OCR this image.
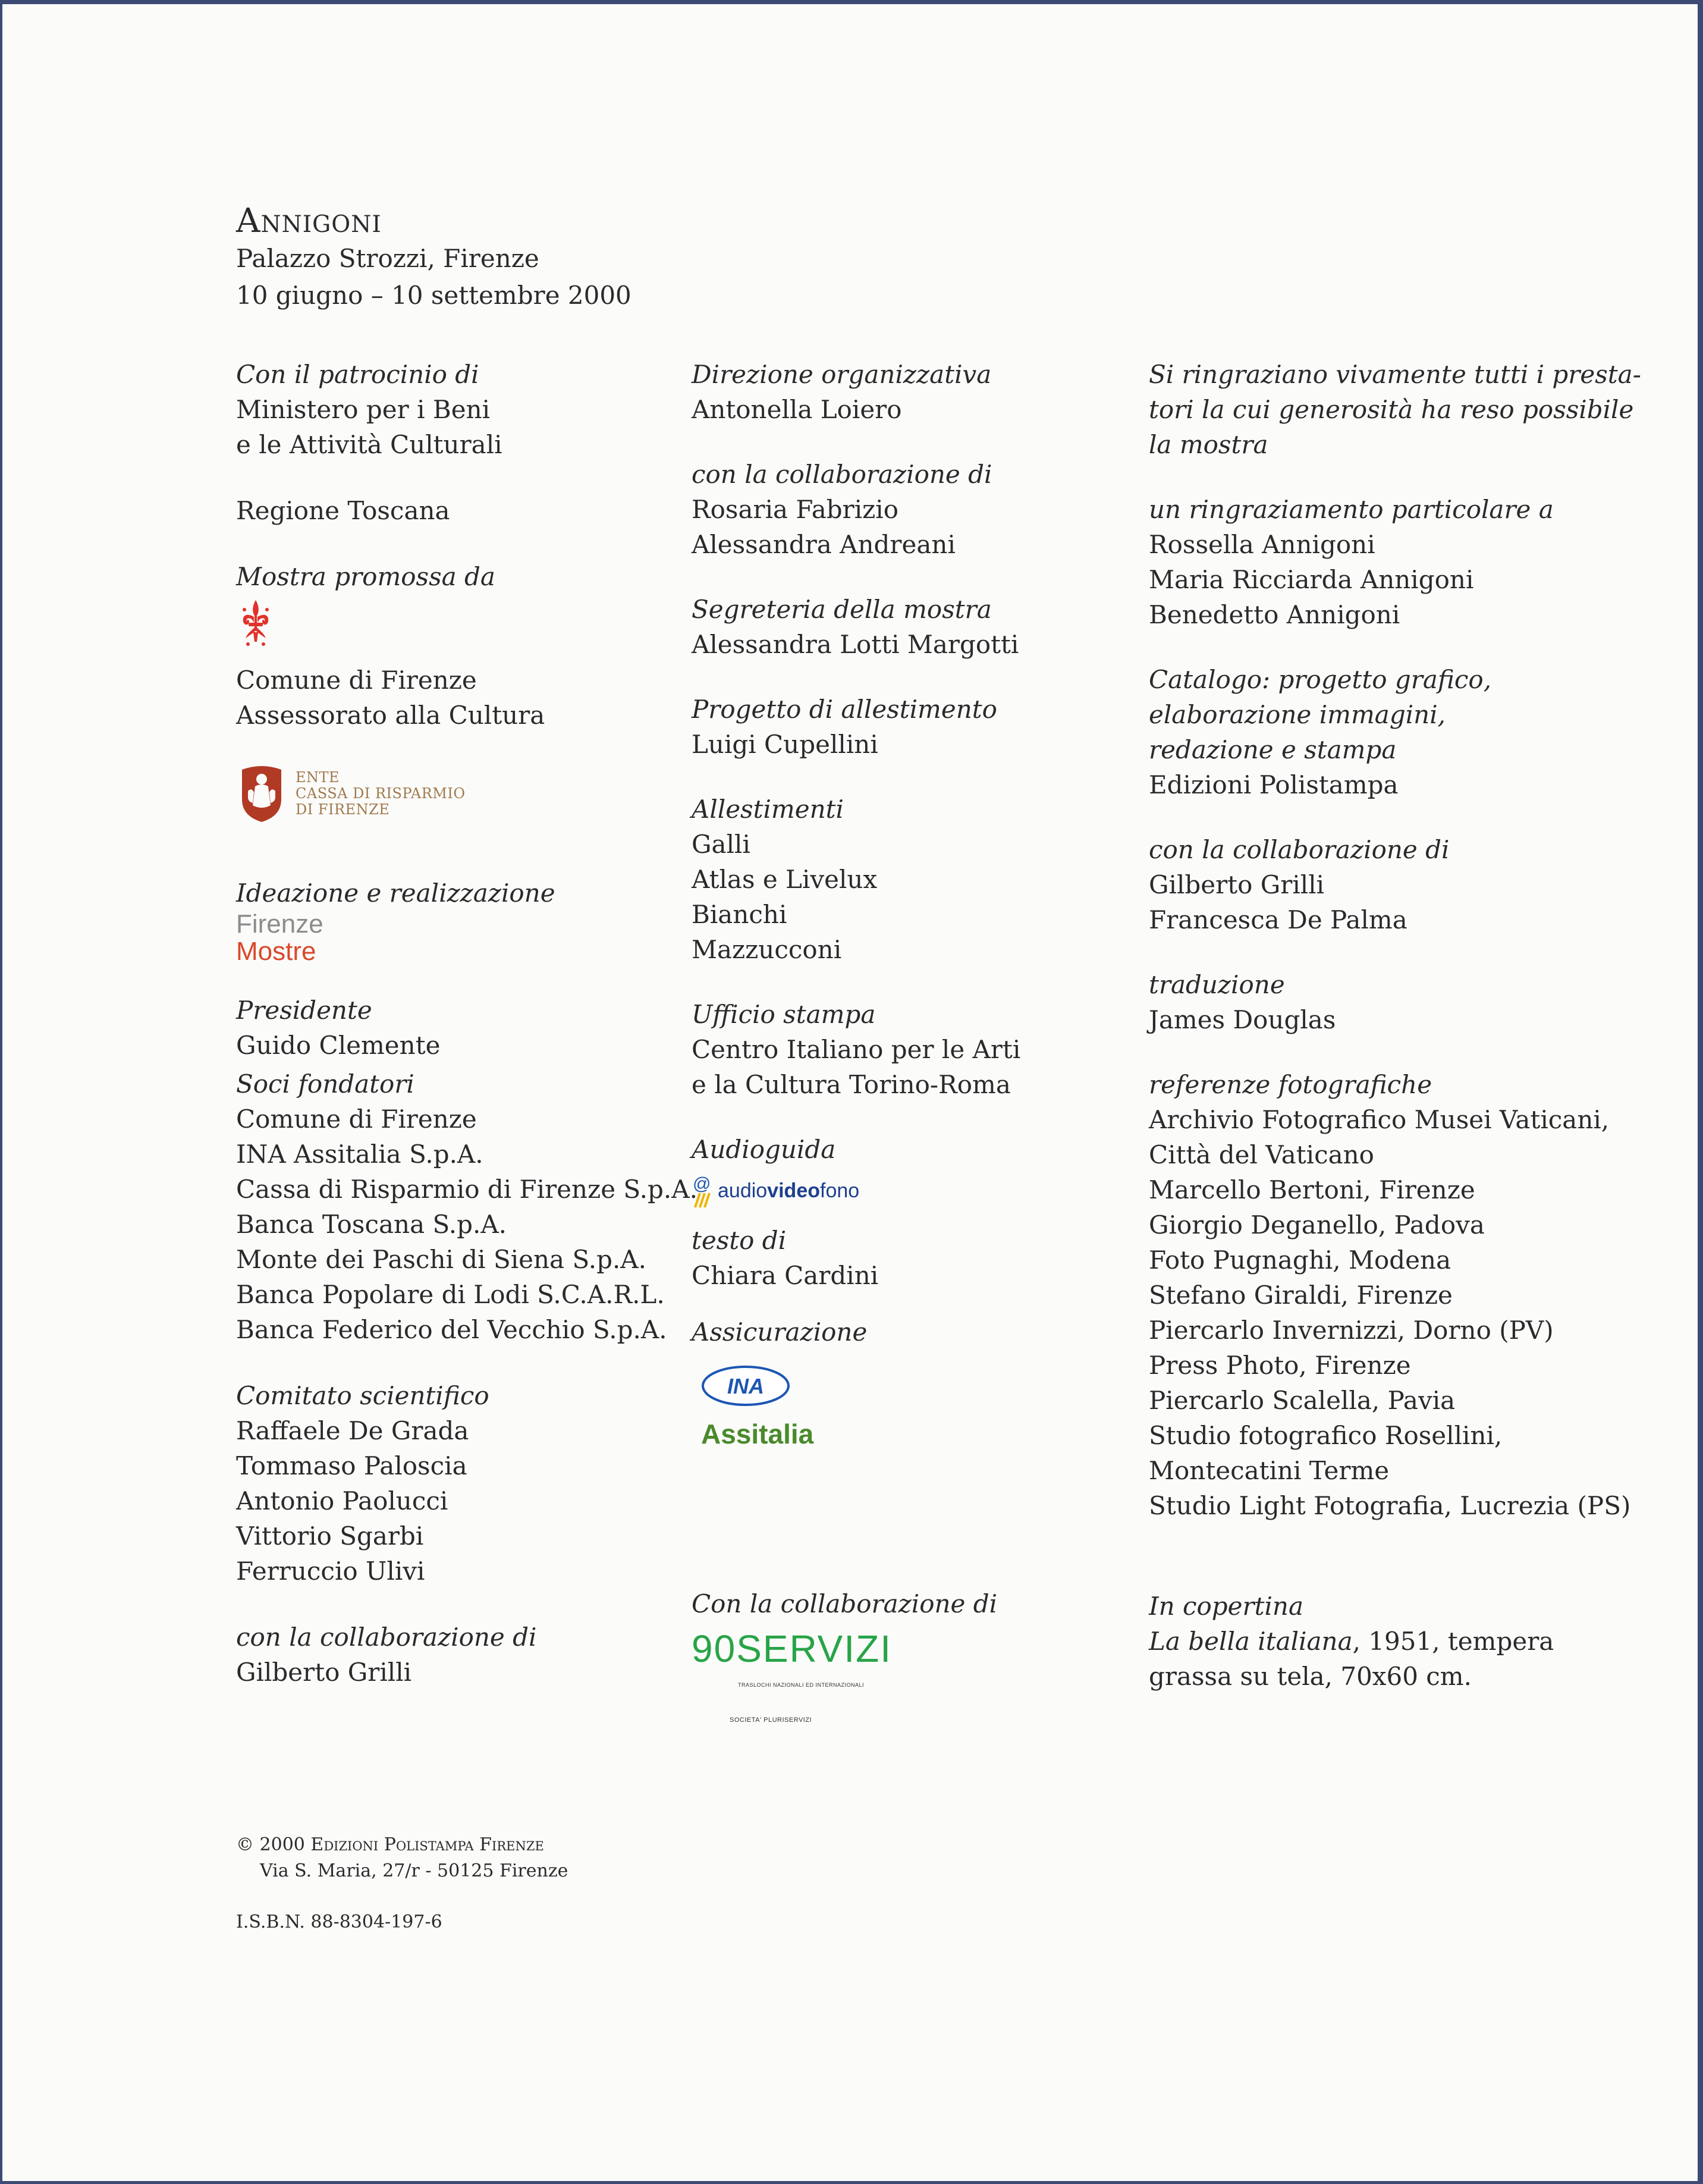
Annigoni
Palazzo Strozzi, Firenze
10 giugno – 10 settembre 2000
Con il patrocinio di
Ministero per i Beni
e le Attività Culturali
Regione Toscana
Mostra promossa da
Comune di Firenze
Assessorato alla Cultura
ENTE
CASSA DI RISPARMIO
DI FIRENZE
Ideazione e realizzazione
Firenze
Mostre
Presidente
Guido Clemente
Soci fondatori
Comune di Firenze
INA Assitalia S.p.A.
Cassa di Risparmio di Firenze S.p.A.
Banca Toscana S.p.A.
Monte dei Paschi di Siena S.p.A.
Banca Popolare di Lodi S.C.A.R.L.
Banca Federico del Vecchio S.p.A.
Comitato scientifico
Raffaele De Grada
Tommaso Paloscia
Antonio Paolucci
Vittorio Sgarbi
Ferruccio Ulivi
con la collaborazione di
Gilberto Grilli
Direzione organizzativa
Antonella Loiero
con la collaborazione di
Rosaria Fabrizio
Alessandra Andreani
Segreteria della mostra
Alessandra Lotti Margotti
Progetto di allestimento
Luigi Cupellini
Allestimenti
Galli
Atlas e Livelux
Bianchi
Mazzucconi
Ufficio stampa
Centro Italiano per le Arti
e la Cultura Torino-Roma
Audioguida
@ audio video fono
testo di
Chiara Cardini
Assicurazione
INA
Assitalia
Con la collaborazione di
90SERVIZI
TRASLOCHI NAZIONALI ED INTERNAZIONALI
SOCIETA' PLURISERVIZI
Si ringraziano vivamente tutti i presta-
tori la cui generosità ha reso possibile
la mostra
un ringraziamento particolare a
Rossella Annigoni
Maria Ricciarda Annigoni
Benedetto Annigoni
Catalogo: progetto grafico,
elaborazione immagini,
redazione e stampa
Edizioni Polistampa
con la collaborazione di
Gilberto Grilli
Francesca De Palma
traduzione
James Douglas
referenze fotografiche
Archivio Fotografico Musei Vaticani,
Città del Vaticano
Marcello Bertoni, Firenze
Giorgio Deganello, Padova
Foto Pugnaghi, Modena
Stefano Giraldi, Firenze
Piercarlo Invernizzi, Dorno (PV)
Press Photo, Firenze
Piercarlo Scalella, Pavia
Studio fotografico Rosellini,
Montecatini Terme
Studio Light Fotografia, Lucrezia (PS)
In copertina
La bella italiana, 1951, tempera
grassa su tela, 70x60 cm.
© 2000 Edizioni Polistampa Firenze
Via S. Maria, 27/r - 50125 Firenze
I.S.B.N. 88-8304-197-6
